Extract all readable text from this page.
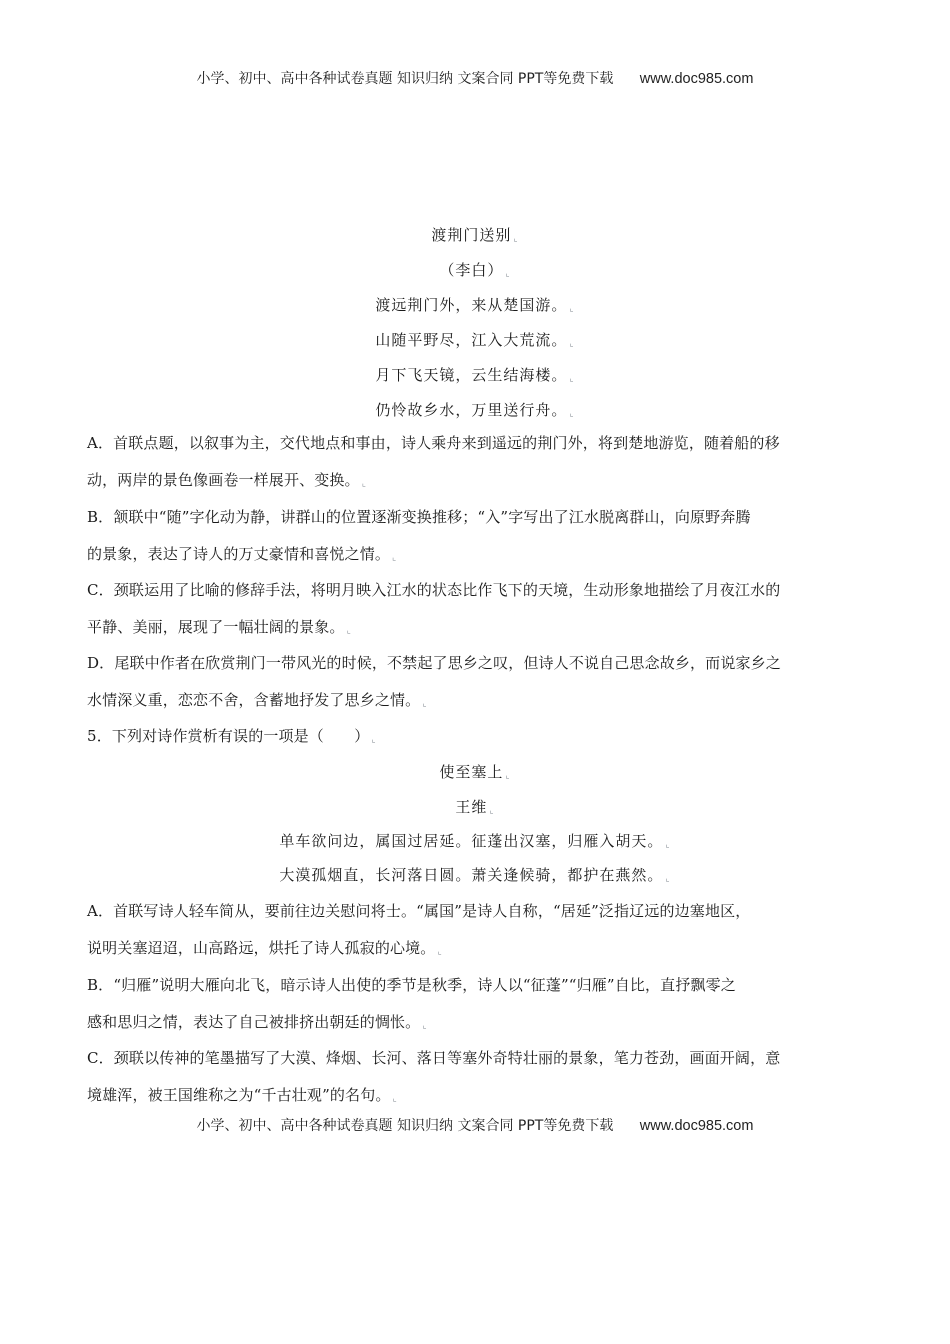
小学、初中、高中各种试卷真题 知识归纳 文案合同 PPT等免费下载 www.doc985.com
渡荆门送别 ⌞
（李白） ⌞
渡远荆门外，来从楚国游。 ⌞
山随平野尽，江入大荒流。 ⌞
月下飞天镜，云生结海楼。 ⌞
仍怜故乡水，万里送行舟。 ⌞
A．首联点题，以叙事为主，交代地点和事由，诗人乘舟来到遥远的荆门外，将到楚地游览，随着船的移
动，两岸的景色像画卷一样展开、变换。 ⌞
B．颔联中“随”字化动为静，讲群山的位置逐渐变换推移；“入”字写出了江水脱离群山，向原野奔腾
的景象，表达了诗人的万丈豪情和喜悦之情。 ⌞
C．颈联运用了比喻的修辞手法，将明月映入江水的状态比作飞下的天境，生动形象地描绘了月夜江水的
平静、美丽，展现了一幅壮阔的景象。 ⌞
D．尾联中作者在欣赏荆门一带风光的时候，不禁起了思乡之叹，但诗人不说自己思念故乡，而说家乡之
水情深义重，恋恋不舍，含蓄地抒发了思乡之情。 ⌞
5．下列对诗作赏析有误的一项是（　　） ⌞
使至塞上 ⌞
王维 ⌞
单车欲问边，属国过居延。征蓬出汉塞，归雁入胡天。 ⌞
大漠孤烟直，长河落日圆。萧关逢候骑，都护在燕然。 ⌞
A．首联写诗人轻车简从，要前往边关慰问将士。“属国”是诗人自称，“居延”泛指辽远的边塞地区，
说明关塞迢迢，山高路远，烘托了诗人孤寂的心境。 ⌞
B．“归雁”说明大雁向北飞，暗示诗人出使的季节是秋季，诗人以“征蓬”“归雁”自比，直抒飘零之
感和思归之情，表达了自己被排挤出朝廷的惆怅。 ⌞
C．颈联以传神的笔墨描写了大漠、烽烟、长河、落日等塞外奇特壮丽的景象，笔力苍劲，画面开阔，意
境雄浑，被王国维称之为“千古壮观”的名句。 ⌞
小学、初中、高中各种试卷真题 知识归纳 文案合同 PPT等免费下载 www.doc985.com
